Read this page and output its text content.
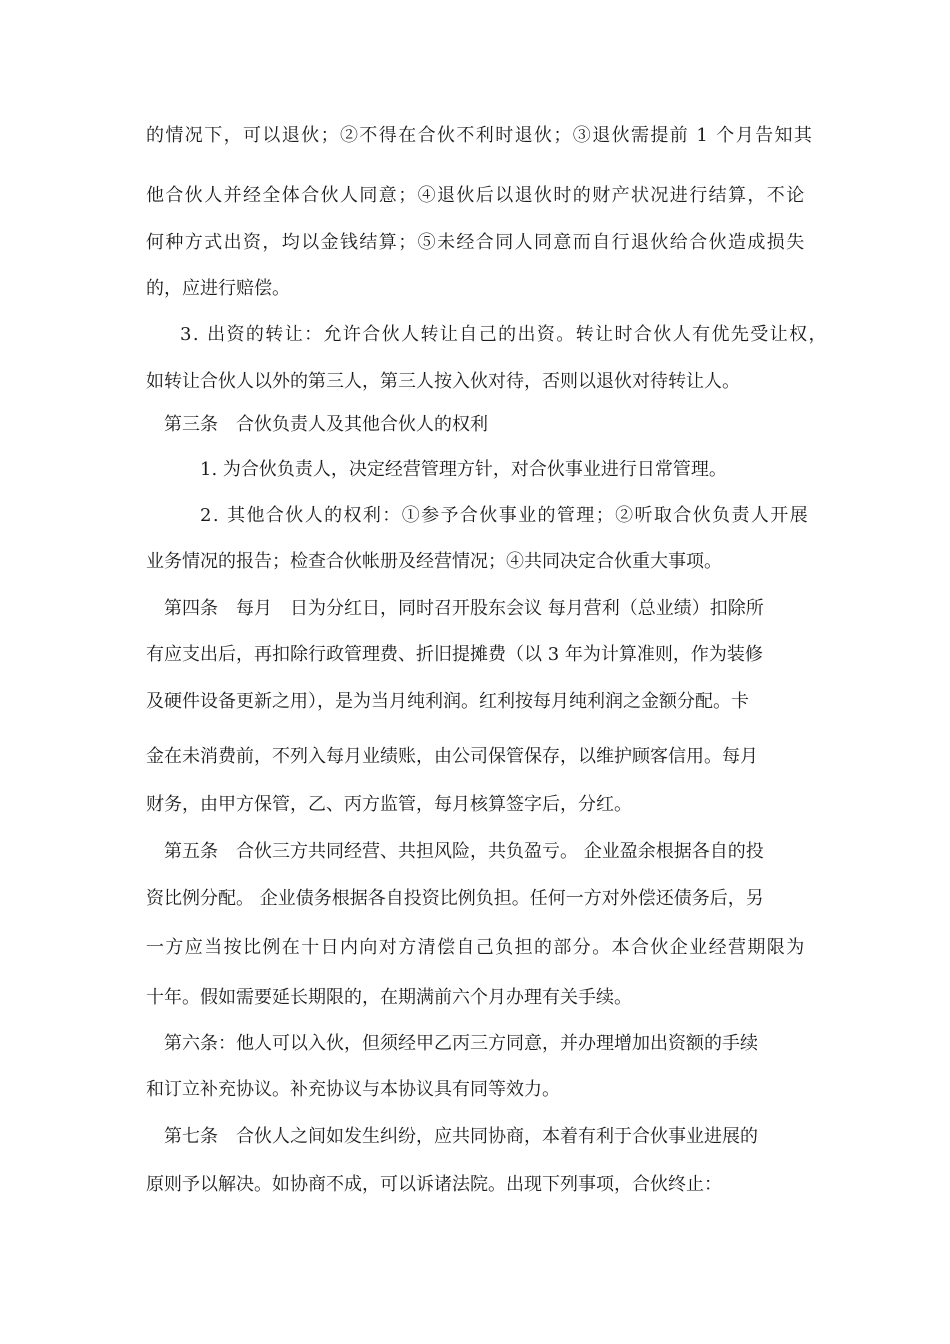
的情况下，可以退伙；②不得在合伙不利时退伙；③退伙需提前 1 个月告知其
他合伙人并经全体合伙人同意；④退伙后以退伙时的财产状况进行结算，不论
何种方式出资，均以金钱结算；⑤未经合同人同意而自行退伙给合伙造成损失
的，应进行赔偿。
3. 出资的转让：允许合伙人转让自己的出资。转让时合伙人有优先受让权，
如转让合伙人以外的第三人，第三人按入伙对待，否则以退伙对待转让人。
第三条　合伙负责人及其他合伙人的权利
1. 为合伙负责人，决定经营管理方针，对合伙事业进行日常管理。
2. 其他合伙人的权利：①参予合伙事业的管理；②听取合伙负责人开展
业务情况的报告；检查合伙帐册及经营情况；④共同决定合伙重大事项。
第四条　每月　日为分红日，同时召开股东会议 每月营利（总业绩）扣除所
有应支出后，再扣除行政管理费、折旧提摊费（以 3 年为计算准则，作为装修
及硬件设备更新之用），是为当月纯利润。红利按每月纯利润之金额分配。卡
金在未消费前，不列入每月业绩账，由公司保管保存，以维护顾客信用。每月
财务，由甲方保管，乙、丙方监管，每月核算签字后，分红。
第五条　合伙三方共同经营、共担风险，共负盈亏。 企业盈余根据各自的投
资比例分配。 企业债务根据各自投资比例负担。任何一方对外偿还债务后，另
一方应当按比例在十日内向对方清偿自己负担的部分。本合伙企业经营期限为
十年。假如需要延长期限的，在期满前六个月办理有关手续。
第六条：他人可以入伙，但须经甲乙丙三方同意，并办理增加出资额的手续
和订立补充协议。补充协议与本协议具有同等效力。
第七条　合伙人之间如发生纠纷，应共同协商，本着有利于合伙事业进展的
原则予以解决。如协商不成，可以诉诸法院。出现下列事项，合伙终止：
